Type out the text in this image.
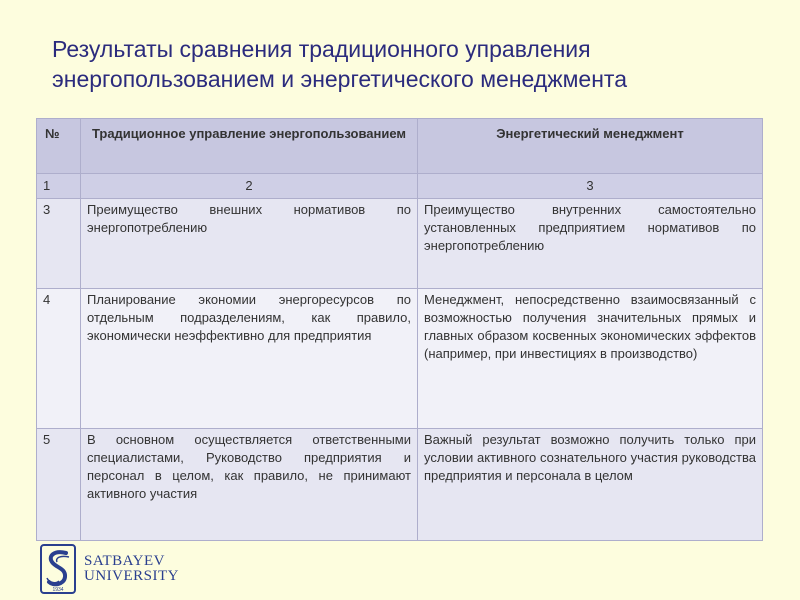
Результаты сравнения традиционного управления
энергопользованием и энергетического менеджмента
№	Традиционное управление энергопользованием	Энергетический менеджмент
1	2	3
3	Преимущество внешних нормативов по энергопотреблению	Преимущество внутренних самостоятельно установленных предприятием нормативов по энергопотреблению
4	Планирование экономии энергоресурсов по отдельным подразделениям, как правило, экономически неэффективно для предприятия	Менеджмент, непосредственно взаимосвязанный с возможностью получения значительных прямых и главных образом косвенных экономических эффектов (например, при инвестициях в производство)
5	В основном осуществляется ответственными специалистами, Руководство предприятия и персонал в целом, как правило, не принимают активного участия	Важный результат возможно получить только при условии активного сознательного участия руководства предприятия и персонала в целом
1934
SATBAYEV
UNIVERSITY
